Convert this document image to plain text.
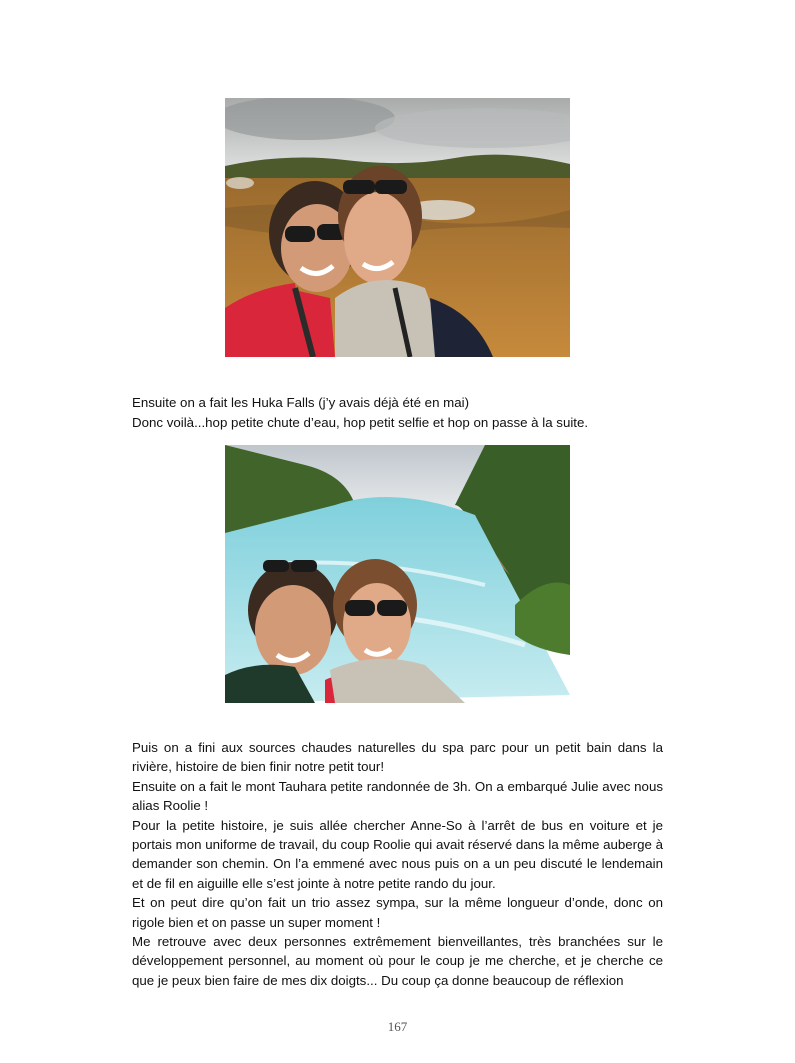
Ensuite on a fait les Huka Falls (j’y avais déjà été en mai)
Donc voilà...hop petite chute d’eau, hop petit selfie et hop on passe à la suite.

Puis on a fini aux sources chaudes naturelles du spa parc pour un petit bain dans la rivière, histoire de bien finir notre petit tour!

Ensuite on a fait le mont Tauhara petite randonnée de 3h. On a embarqué Julie avec nous alias Roolie !

Pour la petite histoire, je suis allée chercher Anne-So à l’arrêt de bus en voiture et je portais mon uniforme de travail, du coup Roolie qui avait réservé dans la même auberge à demander son chemin. On l’a emmené avec nous puis on a un peu discuté le lendemain et de fil en aiguille elle s’est jointe à notre petite rando du jour.

Et on peut dire qu’on fait un trio assez sympa, sur la même longueur d’onde, donc on rigole bien et on passe un super moment !

Me retrouve avec deux personnes extrêmement bienveillantes, très branchées sur le développement personnel, au moment où pour le coup je me cherche, et je cherche ce que je peux bien faire de mes dix doigts... Du coup ça donne beaucoup de réflexion

167
